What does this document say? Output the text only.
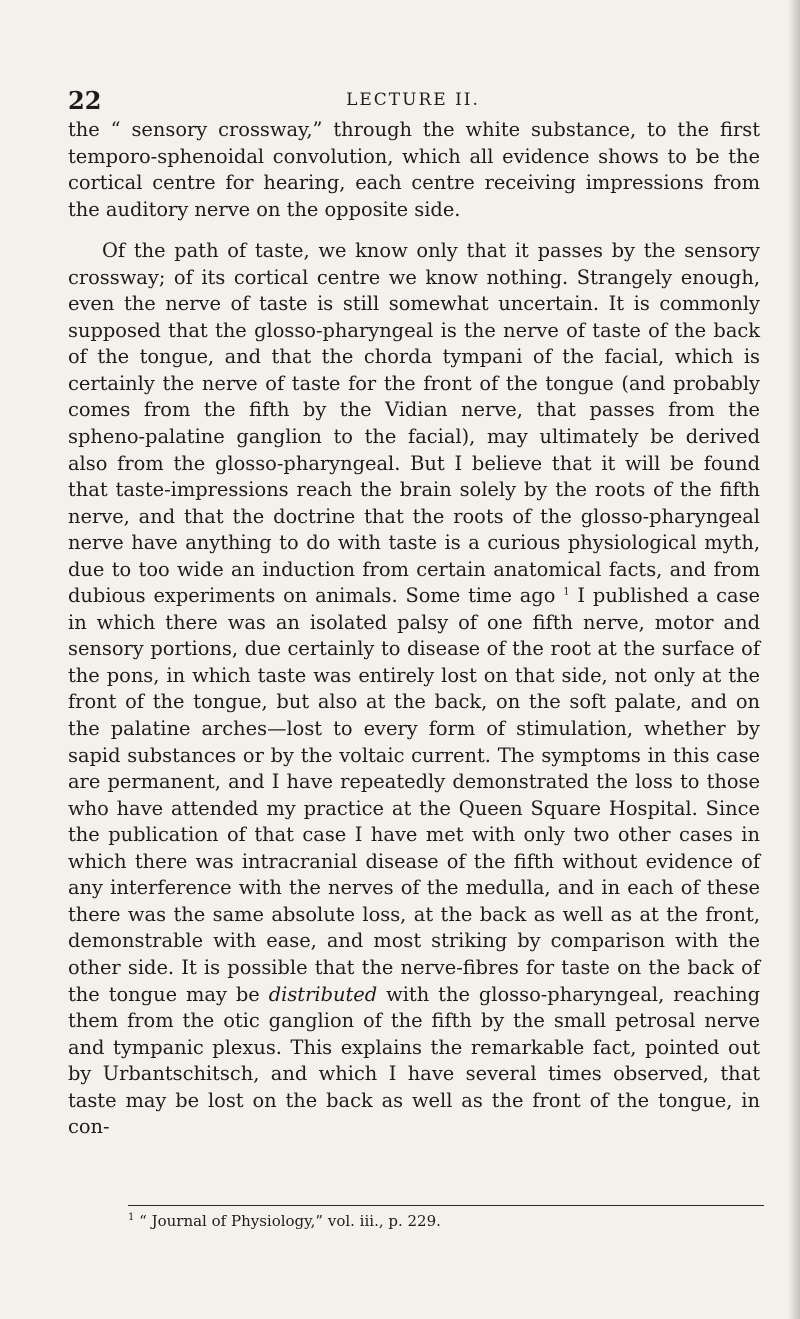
22	LECTURE II.

the “ sensory crossway,” through the white substance, to the first temporo-sphenoidal convolution, which all evidence shows to be the cortical centre for hearing, each centre receiving impressions from the auditory nerve on the opposite side.

Of the path of taste, we know only that it passes by the sensory crossway; of its cortical centre we know nothing. Strangely enough, even the nerve of taste is still somewhat uncertain. It is commonly supposed that the glosso-pharyngeal is the nerve of taste of the back of the tongue, and that the chorda tympani of the facial, which is certainly the nerve of taste for the front of the tongue (and probably comes from the fifth by the Vidian nerve, that passes from the spheno-palatine ganglion to the facial), may ultimately be derived also from the glosso-pharyngeal. But I believe that it will be found that taste-impressions reach the brain solely by the roots of the fifth nerve, and that the doctrine that the roots of the glosso-pharyngeal nerve have anything to do with taste is a curious physiological myth, due to too wide an induction from certain anatomical facts, and from dubious experiments on animals. Some time ago $^1$ I published a case in which there was an isolated palsy of one fifth nerve, motor and sensory portions, due certainly to disease of the root at the surface of the pons, in which taste was entirely lost on that side, not only at the front of the tongue, but also at the back, on the soft palate, and on the palatine arches—lost to every form of stimulation, whether by sapid substances or by the voltaic current. The symptoms in this case are permanent, and I have repeatedly demonstrated the loss to those who have attended my practice at the Queen Square Hospital. Since the publication of that case I have met with only two other cases in which there was intracranial disease of the fifth without evidence of any interference with the nerves of the medulla, and in each of these there was the same absolute loss, at the back as well as at the front, demonstrable with ease, and most striking by comparison with the other side. It is possible that the nerve-fibres for taste on the back of the tongue may be distributed with the glosso-pharyngeal, reaching them from the otic ganglion of the fifth by the small petrosal nerve and tympanic plexus. This explains the remarkable fact, pointed out by Urbantschitsch, and which I have several times observed, that taste may be lost on the back as well as the front of the tongue, in con-

$^1$ “ Journal of Physiology,” vol. iii., p. 229.
